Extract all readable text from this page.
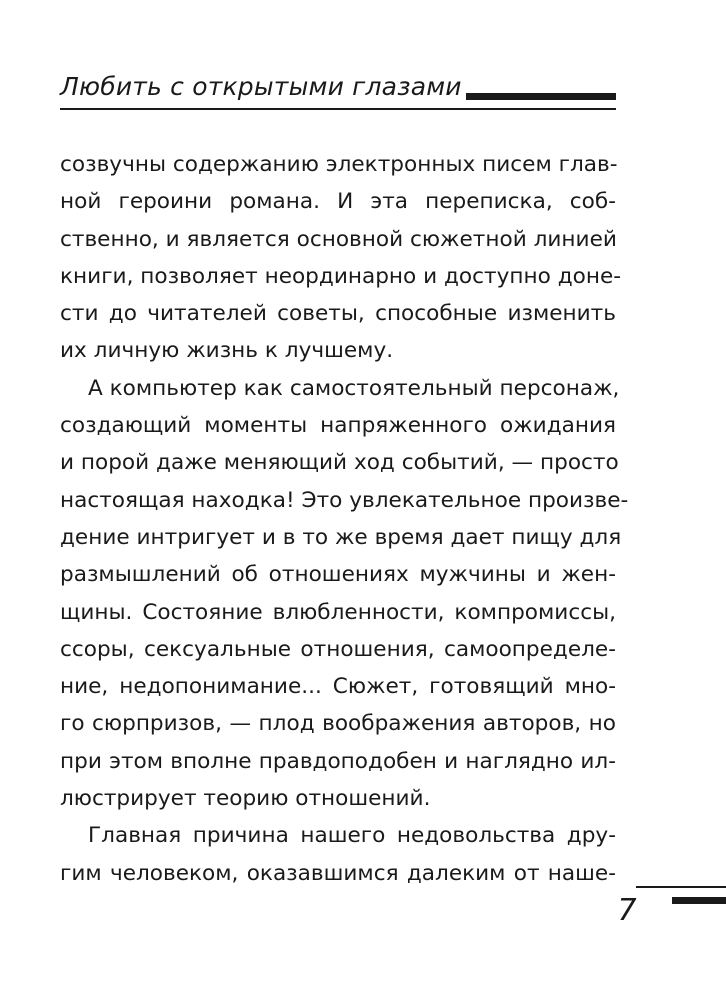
Любить с открытыми глазами
созвучны содержанию электронных писем глав-
ной героини романа. И эта переписка, соб-
ственно, и является основной сюжетной линией
книги, позволяет неординарно и доступно доне-
сти до читателей советы, способные изменить
их личную жизнь к лучшему.
А компьютер как самостоятельный персонаж,
создающий моменты напряженного ожидания
и порой даже меняющий ход событий, — просто
настоящая находка! Это увлекательное произве-
дение интригует и в то же время дает пищу для
размышлений об отношениях мужчины и жен-
щины. Состояние влюбленности, компромиссы,
ссоры, сексуальные отношения, самоопределе-
ние, недопонимание... Сюжет, готовящий мно-
го сюрпризов, — плод воображения авторов, но
при этом вполне правдоподобен и наглядно ил-
люстрирует теорию отношений.
Главная причина нашего недовольства дру-
гим человеком, оказавшимся далеким от наше-
7
